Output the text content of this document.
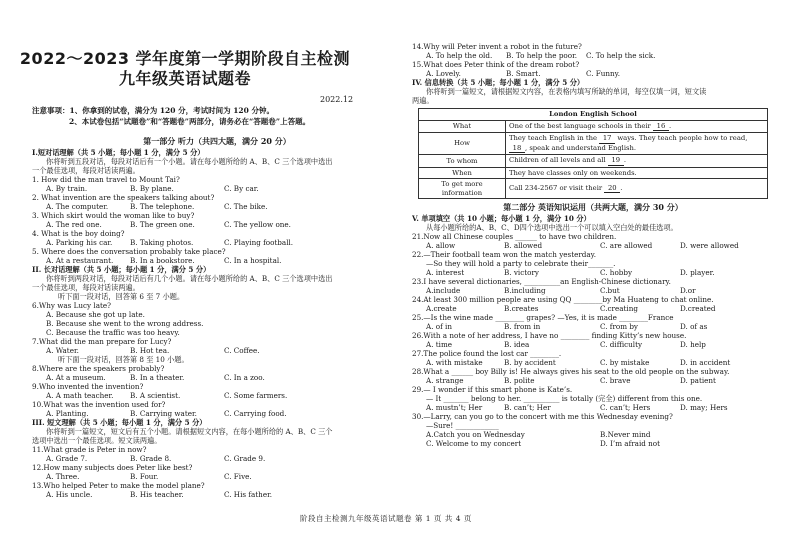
2022～2023 学年度第一学期阶段自主检测
九年级英语试题卷
注意事项：1、你拿到的试卷，满分为 120 分，考试时间为 120 分钟。
2、本试卷包括“试题卷”和“答题卷”两部分，请务必在“答题卷”上答题。
2022.12
第一部分 听力（共四大题，满分 20 分）
I.短对话理解（共 5 小题；每小题 1 分，满分 5 分）
你将听到五段对话，每段对话后有一个小题。请在每小题所给的 A、B、C 三个选项中选出
一个最佳选项，每段对话读两遍。
1. How did the man travel to Mount Tai?
A. By train.	B. By plane.	C. By car.
2. What invention are the speakers talking about?
A. The computer.	B. The telephone.	C. The bike.
3. Which skirt would the woman like to buy?
A. The red one.	B. The green one.	C. The yellow one.
4. What is the boy doing?
A. Parking his car.	B. Taking photos.	C. Playing football.
5. Where does the conversation probably take place?
A. At a restaurant.	B. In a bookstore.	C. In a hospital.
II. 长对话理解（共 5 小题；每小题 1 分，满分 5 分）
你将听到两段对话，每段对话后有几个小题。请在每小题所给的 A、B、C 三个选项中选出
一个最佳选项，每段对话读两遍。
听下面一段对话，回答第 6 至 7 小题。
6.Why was Lucy late?
A. Because she got up late.
B. Because she went to the wrong address.
C. Because the traffic was too heavy.
7.What did the man prepare for Lucy?
A. Water.	B. Hot tea.	C. Coffee.
听下面一段对话，回答第 8 至 10 小题。
8.Where are the speakers probably?
A. At a museum.	B. In a theater.	C. In a zoo.
9.Who invented the invention?
A. A math teacher.	B. A scientist.	C. Some farmers.
10.What was the invention used for?
A. Planting.	B. Carrying water.	C. Carrying food.
III. 短文理解（共 5 小题；每小题 1 分，满分 5 分）
你将听到一篇短文，短文后有五个小题。请根据短文内容，在每小题所给的 A、B、C 三个
选项中选出一个最佳选项。短文读两遍。
11.What grade is Peter in now?
A. Grade 7.	B. Grade 8.	C. Grade 9.
12.How many subjects does Peter like best?
A. Three.	B. Four.	C. Five.
13.Who helped Peter to make the model plane?
A. His uncle.	B. His teacher.	C. His father.
14.Why will Peter invent a robot in the future?
A. To help the old.	B. To help the poor.	C. To help the sick.
15.What does Peter think of the dream robot?
A. Lovely.	B. Smart.	C. Funny.
IV. 信息转换（共 5 小题；每小题 1 分，满分 5 分）
你将听到一篇短文，请根据短文内容，在表格内填写所缺的单词，每空仅填一词，短文读
两遍。
London English School	
What	One of the best language schools in their 16 .
How	They teach English in the 17 ways. They teach people how to read, 18 , speak and understand English.
To whom	Children of all levels and all 19 .
When	They have classes only on weekends.
To get more information	Call 234-2567 or visit their 20 .
第二部分 英语知识运用（共两大题，满分 30 分）
V. 单项填空（共 10 小题；每小题 1 分，满分 10 分）
从每小题所给的A、B、C、D四个选项中选出一个可以填入空白处的最佳选项。
21.Now all Chinese couples ______ to have two children.
A. allow	B. allowed	C. are allowed	D. were allowed
22.—Their football team won the match yesterday.
—So they will hold a party to celebrate their_______.
A. interest	B. victory	C. hobby	D. player.
23.I have several dictionaries, __________an English-Chinese dictionary.
A.include	B.including	C.but	D.or
24.At least 300 million people are using QQ ________by Ma Huateng to chat online.
A.create	B.creates	C.creating	D.created
25.—Is the wine made ________ grapes? —Yes, it is made ________France
A. of in	B. from in	C. from by	D. of as
26.With a note of her address, I have no ________ finding Kitty’s new house.
A. time	B. idea	C. difficulty	D. help
27.The police found the lost car ________.
A. with mistake	B. by accident	C. by mistake	D. in accident
28.What a ______ boy Billy is! He always gives his seat to the old people on the subway.
A. strange	B. polite	C. brave	D. patient
29.— I wonder if this smart phone is Kate’s.
— It _______ belong to her. __________ is totally (完全) different from this one.
A. mustn’t; Her	B. can’t; Her	C. can’t; Hers	D. may; Hers
30.—Larry, can you go to the concert with me this Wednesday evening?
—Sure! ____________
A.Catch you on Wednesday	B.Never mind
C. Welcome to my concert	D. I’m afraid not
阶段自主检测九年级英语试题卷 第 1 页 共 4 页
